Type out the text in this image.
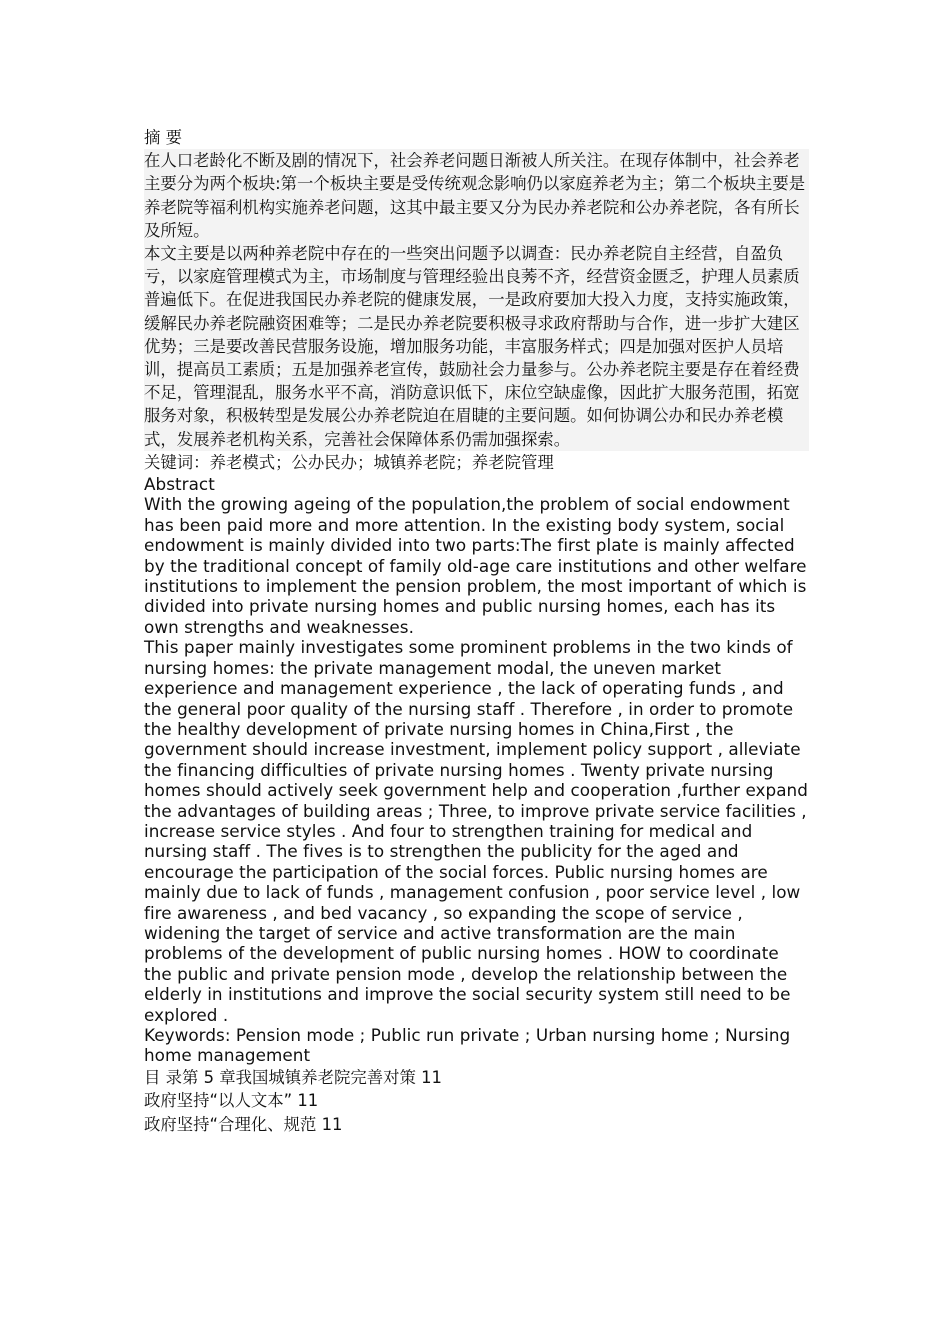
摘 要

在人口老龄化不断及剧的情况下，社会养老问题日渐被人所关注。在现存体制中，社会养老主要分为两个板块:第一个板块主要是受传统观念影响仍以家庭养老为主；第二个板块主要是养老院等福利机构实施养老问题，这其中最主要又分为民办养老院和公办养老院，各有所长及所短。

本文主要是以两种养老院中存在的一些突出问题予以调查：民办养老院自主经营，自盈负亏，以家庭管理模式为主，市场制度与管理经验出良莠不齐，经营资金匮乏，护理人员素质普遍低下。在促进我国民办养老院的健康发展，一是政府要加大投入力度，支持实施政策，缓解民办养老院融资困难等；二是民办养老院要积极寻求政府帮助与合作，进一步扩大建区优势；三是要改善民营服务设施，增加服务功能，丰富服务样式；四是加强对医护人员培训，提高员工素质；五是加强养老宣传，鼓励社会力量参与。公办养老院主要是存在着经费不足，管理混乱，服务水平不高，消防意识低下，床位空缺虚像，因此扩大服务范围，拓宽服务对象，积极转型是发展公办养老院迫在眉睫的主要问题。如何协调公办和民办养老模式，发展养老机构关系，完善社会保障体系仍需加强探索。

关键词：养老模式；公办民办；城镇养老院；养老院管理

Abstract

With the growing ageing of the population,the problem of social endowment has been paid more and more attention. In the existing body system, social endowment is mainly divided into two parts:The first plate is mainly affected by the traditional concept of family old-age care institutions and other welfare institutions to implement the pension problem, the most important of which is divided into private nursing homes and public nursing homes, each has its own strengths and weaknesses.

This paper mainly investigates some prominent problems in the two kinds of nursing homes: the private management modal, the uneven market experience and management experience , the lack of operating funds , and the general poor quality of the nursing staff . Therefore , in order to promote the healthy development of private nursing homes in China,First , the government should increase investment, implement policy support , alleviate the financing difficulties of private nursing homes . Twenty private nursing homes should actively seek government help and cooperation ,further expand the advantages of building areas ; Three, to improve private service facilities , increase service styles . And four to strengthen training for medical and nursing staff . The fives is to strengthen the publicity for the aged and encourage the participation of the social forces. Public nursing homes are mainly due to lack of funds , management confusion , poor service level , low fire awareness , and bed vacancy , so expanding the scope of service , widening the target of service and active transformation are the main problems of the development of public nursing homes . HOW to coordinate the public and private pension mode , develop the relationship between the elderly in institutions and improve the social security system still need to be explored .

Keywords: Pension mode ; Public run private ; Urban nursing home ; Nursing home management

目 录第 5 章我国城镇养老院完善对策 11

政府坚持“以人文本” 11

政府坚持“合理化、规范 11
